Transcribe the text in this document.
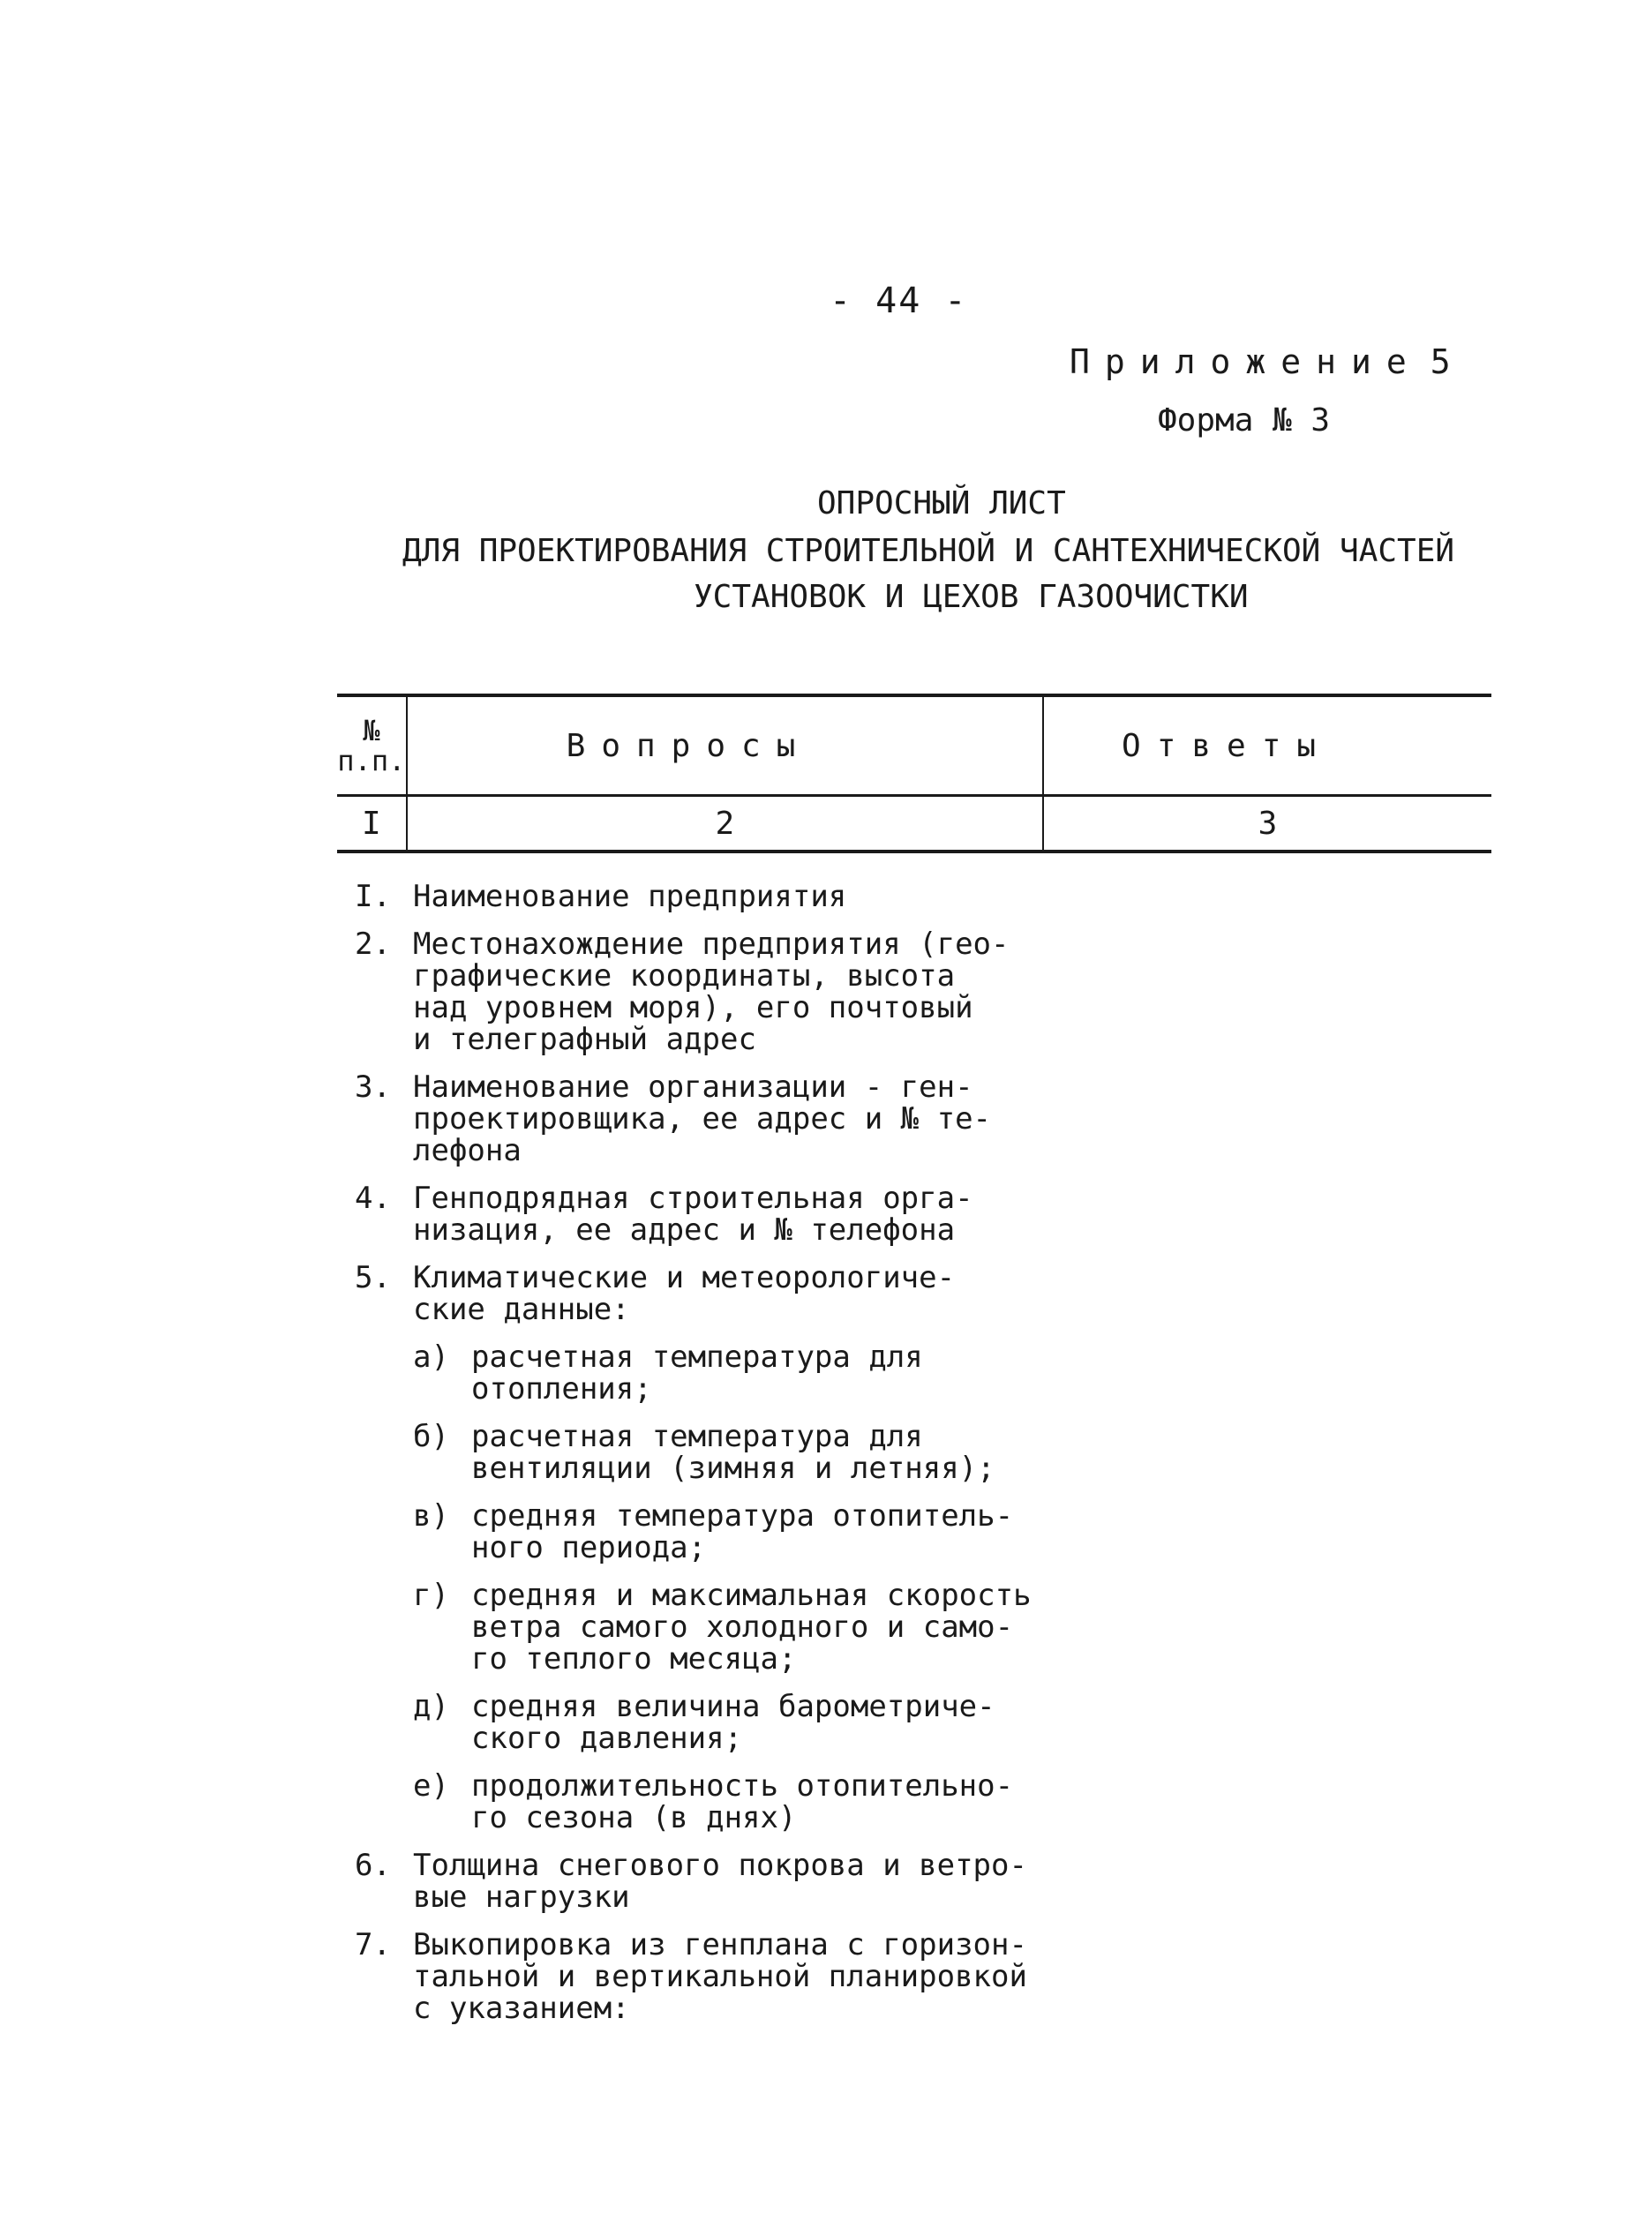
- 44 -
Приложение 5
Форма № 3
ОПРОСНЫЙ ЛИСТ
ДЛЯ ПРОЕКТИРОВАНИЯ СТРОИТЕЛЬНОЙ И САНТЕХНИЧЕСКОЙ ЧАСТЕЙ
УСТАНОВОК И ЦЕХОВ ГАЗООЧИСТКИ
№
п.п.	Вопросы	Ответы
I	2	3
I. Наименование предприятия
2. Местонахождение предприятия (гео-
графические координаты, высота
над уровнем моря), его почтовый
и телеграфный адрес
3. Наименование организации - ген-
проектировщика, ее адрес и № те-
лефона
4. Генподрядная строительная орга-
низация, ее адрес и № телефона
5. Климатические и метеорологиче-
ские данные:
а) расчетная температура для
отопления;
б) расчетная температура для
вентиляции (зимняя и летняя);
в) средняя температура отопитель-
ного периода;
г) средняя и максимальная скорость
ветра самого холодного и само-
го теплого месяца;
д) средняя величина барометриче-
ского давления;
е) продолжительность отопительно-
го сезона (в днях)
6. Толщина снегового покрова и ветро-
вые нагрузки
7. Выкопировка из генплана с горизон-
тальной и вертикальной планировкой
с указанием:
